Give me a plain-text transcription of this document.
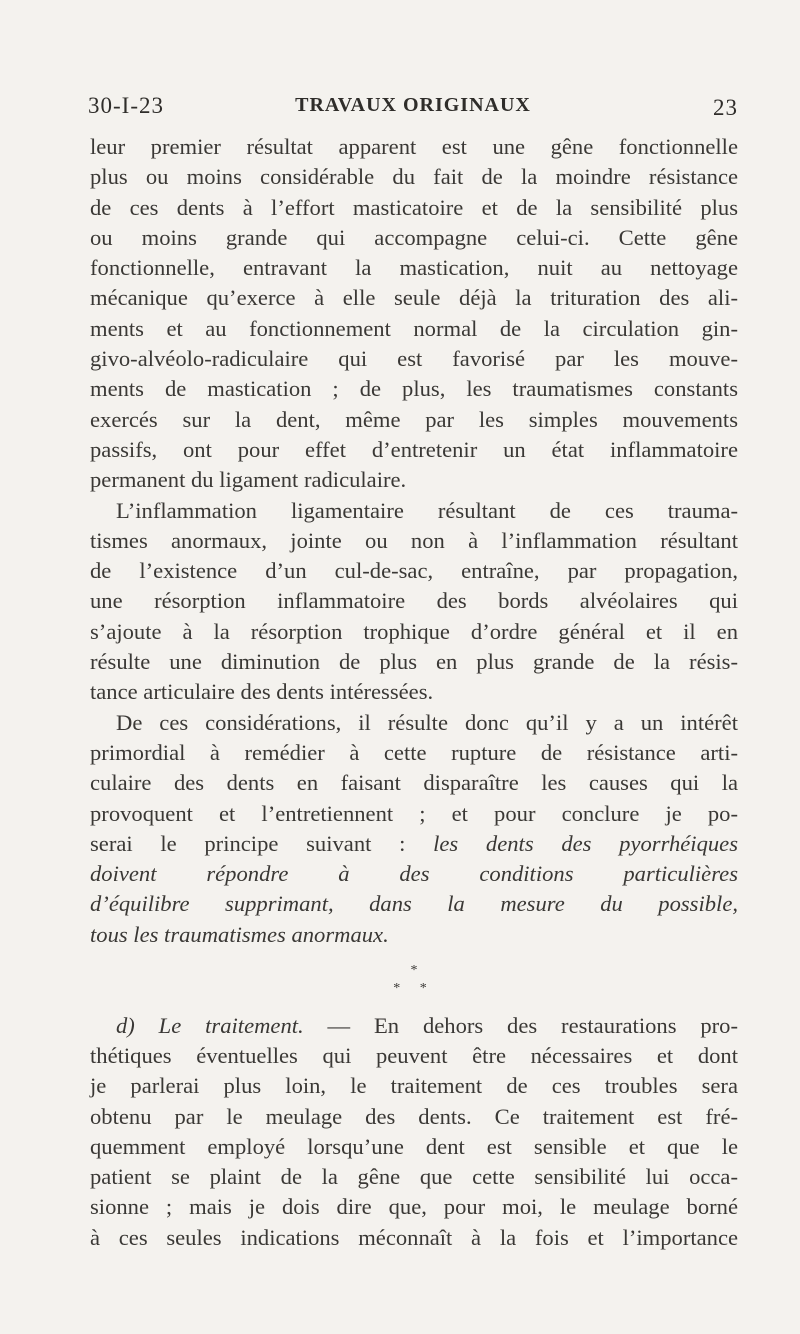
30-I-23	TRAVAUX ORIGINAUX	23
leur premier résultat apparent est une gêne fonctionnelle
plus ou moins considérable du fait de la moindre résistance
de ces dents à l’effort masticatoire et de la sensibilité plus
ou moins grande qui accompagne celui-ci. Cette gêne
fonctionnelle, entravant la mastication, nuit au nettoyage
mécanique qu’exerce à elle seule déjà la trituration des ali-
ments et au fonctionnement normal de la circulation gin-
givo-alvéolo-radiculaire qui est favorisé par les mouve-
ments de mastication ; de plus, les traumatismes constants
exercés sur la dent, même par les simples mouvements
passifs, ont pour effet d’entretenir un état inflammatoire
permanent du ligament radiculaire.
L’inflammation ligamentaire résultant de ces trauma-
tismes anormaux, jointe ou non à l’inflammation résultant
de l’existence d’un cul-de-sac, entraîne, par propagation,
une résorption inflammatoire des bords alvéolaires qui
s’ajoute à la résorption trophique d’ordre général et il en
résulte une diminution de plus en plus grande de la résis-
tance articulaire des dents intéressées.
De ces considérations, il résulte donc qu’il y a un intérêt
primordial à remédier à cette rupture de résistance arti-
culaire des dents en faisant disparaître les causes qui la
provoquent et l’entretiennent ; et pour conclure je po-
serai le principe suivant : les dents des pyorrhéiques
doivent répondre à des conditions particulières
d’équilibre supprimant, dans la mesure du possible,
tous les traumatismes anormaux.
*
* *
d) Le traitement. — En dehors des restaurations pro-
thétiques éventuelles qui peuvent être nécessaires et dont
je parlerai plus loin, le traitement de ces troubles sera
obtenu par le meulage des dents. Ce traitement est fré-
quemment employé lorsqu’une dent est sensible et que le
patient se plaint de la gêne que cette sensibilité lui occa-
sionne ; mais je dois dire que, pour moi, le meulage borné
à ces seules indications méconnaît à la fois et l’importance
